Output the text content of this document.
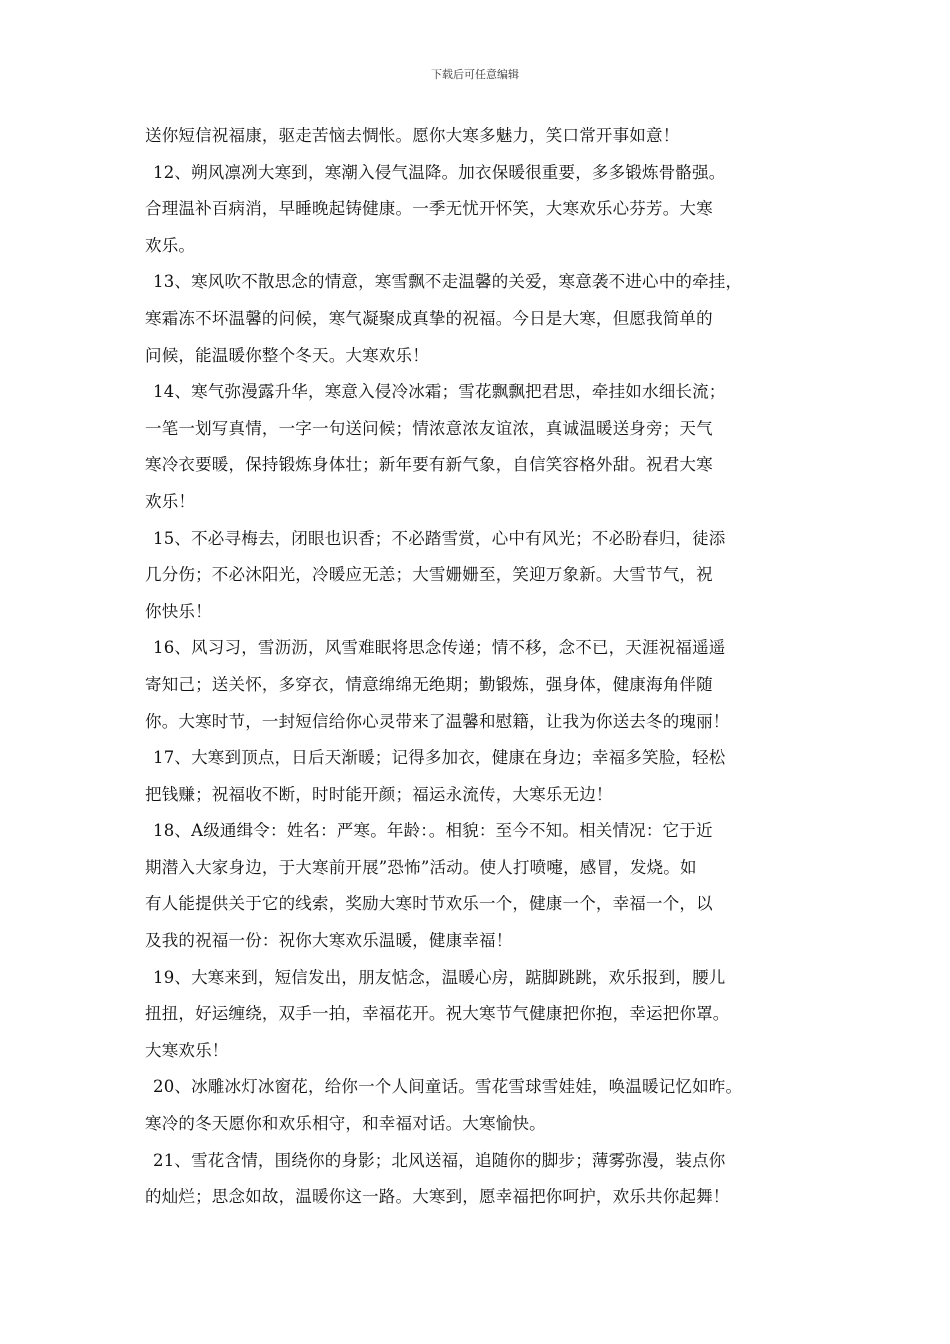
下载后可任意编辑
送你短信祝福康，驱走苦恼去惆怅。愿你大寒多魅力，笑口常开事如意！
12、朔风凛冽大寒到，寒潮入侵气温降。加衣保暖很重要，多多锻炼骨骼强。
合理温补百病消，早睡晚起铸健康。一季无忧开怀笑，大寒欢乐心芬芳。大寒
欢乐。
13、寒风吹不散思念的情意，寒雪飘不走温馨的关爱，寒意袭不进心中的牵挂，
寒霜冻不坏温馨的问候，寒气凝聚成真挚的祝福。今日是大寒，但愿我简单的
问候，能温暖你整个冬天。大寒欢乐！
14、寒气弥漫露升华，寒意入侵冷冰霜；雪花飘飘把君思，牵挂如水细长流；
一笔一划写真情，一字一句送问候；情浓意浓友谊浓，真诚温暖送身旁；天气
寒冷衣要暖，保持锻炼身体壮；新年要有新气象，自信笑容格外甜。祝君大寒
欢乐！
15、不必寻梅去，闭眼也识香；不必踏雪赏，心中有风光；不必盼春归，徒添
几分伤；不必沐阳光，冷暖应无恙；大雪姗姗至，笑迎万象新。大雪节气，祝
你快乐！
16、风习习，雪沥沥，风雪难眠将思念传递；情不移，念不已，天涯祝福遥遥
寄知己；送关怀，多穿衣，情意绵绵无绝期；勤锻炼，强身体，健康海角伴随
你。大寒时节，一封短信给你心灵带来了温馨和慰籍，让我为你送去冬的瑰丽！
17、大寒到顶点，日后天渐暖；记得多加衣，健康在身边；幸福多笑脸，轻松
把钱赚；祝福收不断，时时能开颜；福运永流传，大寒乐无边！
18、A级通缉令：姓名：严寒。年龄：。相貌：至今不知。相关情况：它于近
期潜入大家身边，于大寒前开展”恐怖”活动。使人打喷嚏，感冒，发烧。如
有人能提供关于它的线索，奖励大寒时节欢乐一个，健康一个，幸福一个，以
及我的祝福一份：祝你大寒欢乐温暖，健康幸福！
19、大寒来到，短信发出，朋友惦念，温暖心房，踮脚跳跳，欢乐报到，腰儿
扭扭，好运缠绕，双手一拍，幸福花开。祝大寒节气健康把你抱，幸运把你罩。
大寒欢乐！
20、冰雕冰灯冰窗花，给你一个人间童话。雪花雪球雪娃娃，唤温暖记忆如昨。
寒冷的冬天愿你和欢乐相守，和幸福对话。大寒愉快。
21、雪花含情，围绕你的身影；北风送福，追随你的脚步；薄雾弥漫，装点你
的灿烂；思念如故，温暖你这一路。大寒到，愿幸福把你呵护，欢乐共你起舞！
